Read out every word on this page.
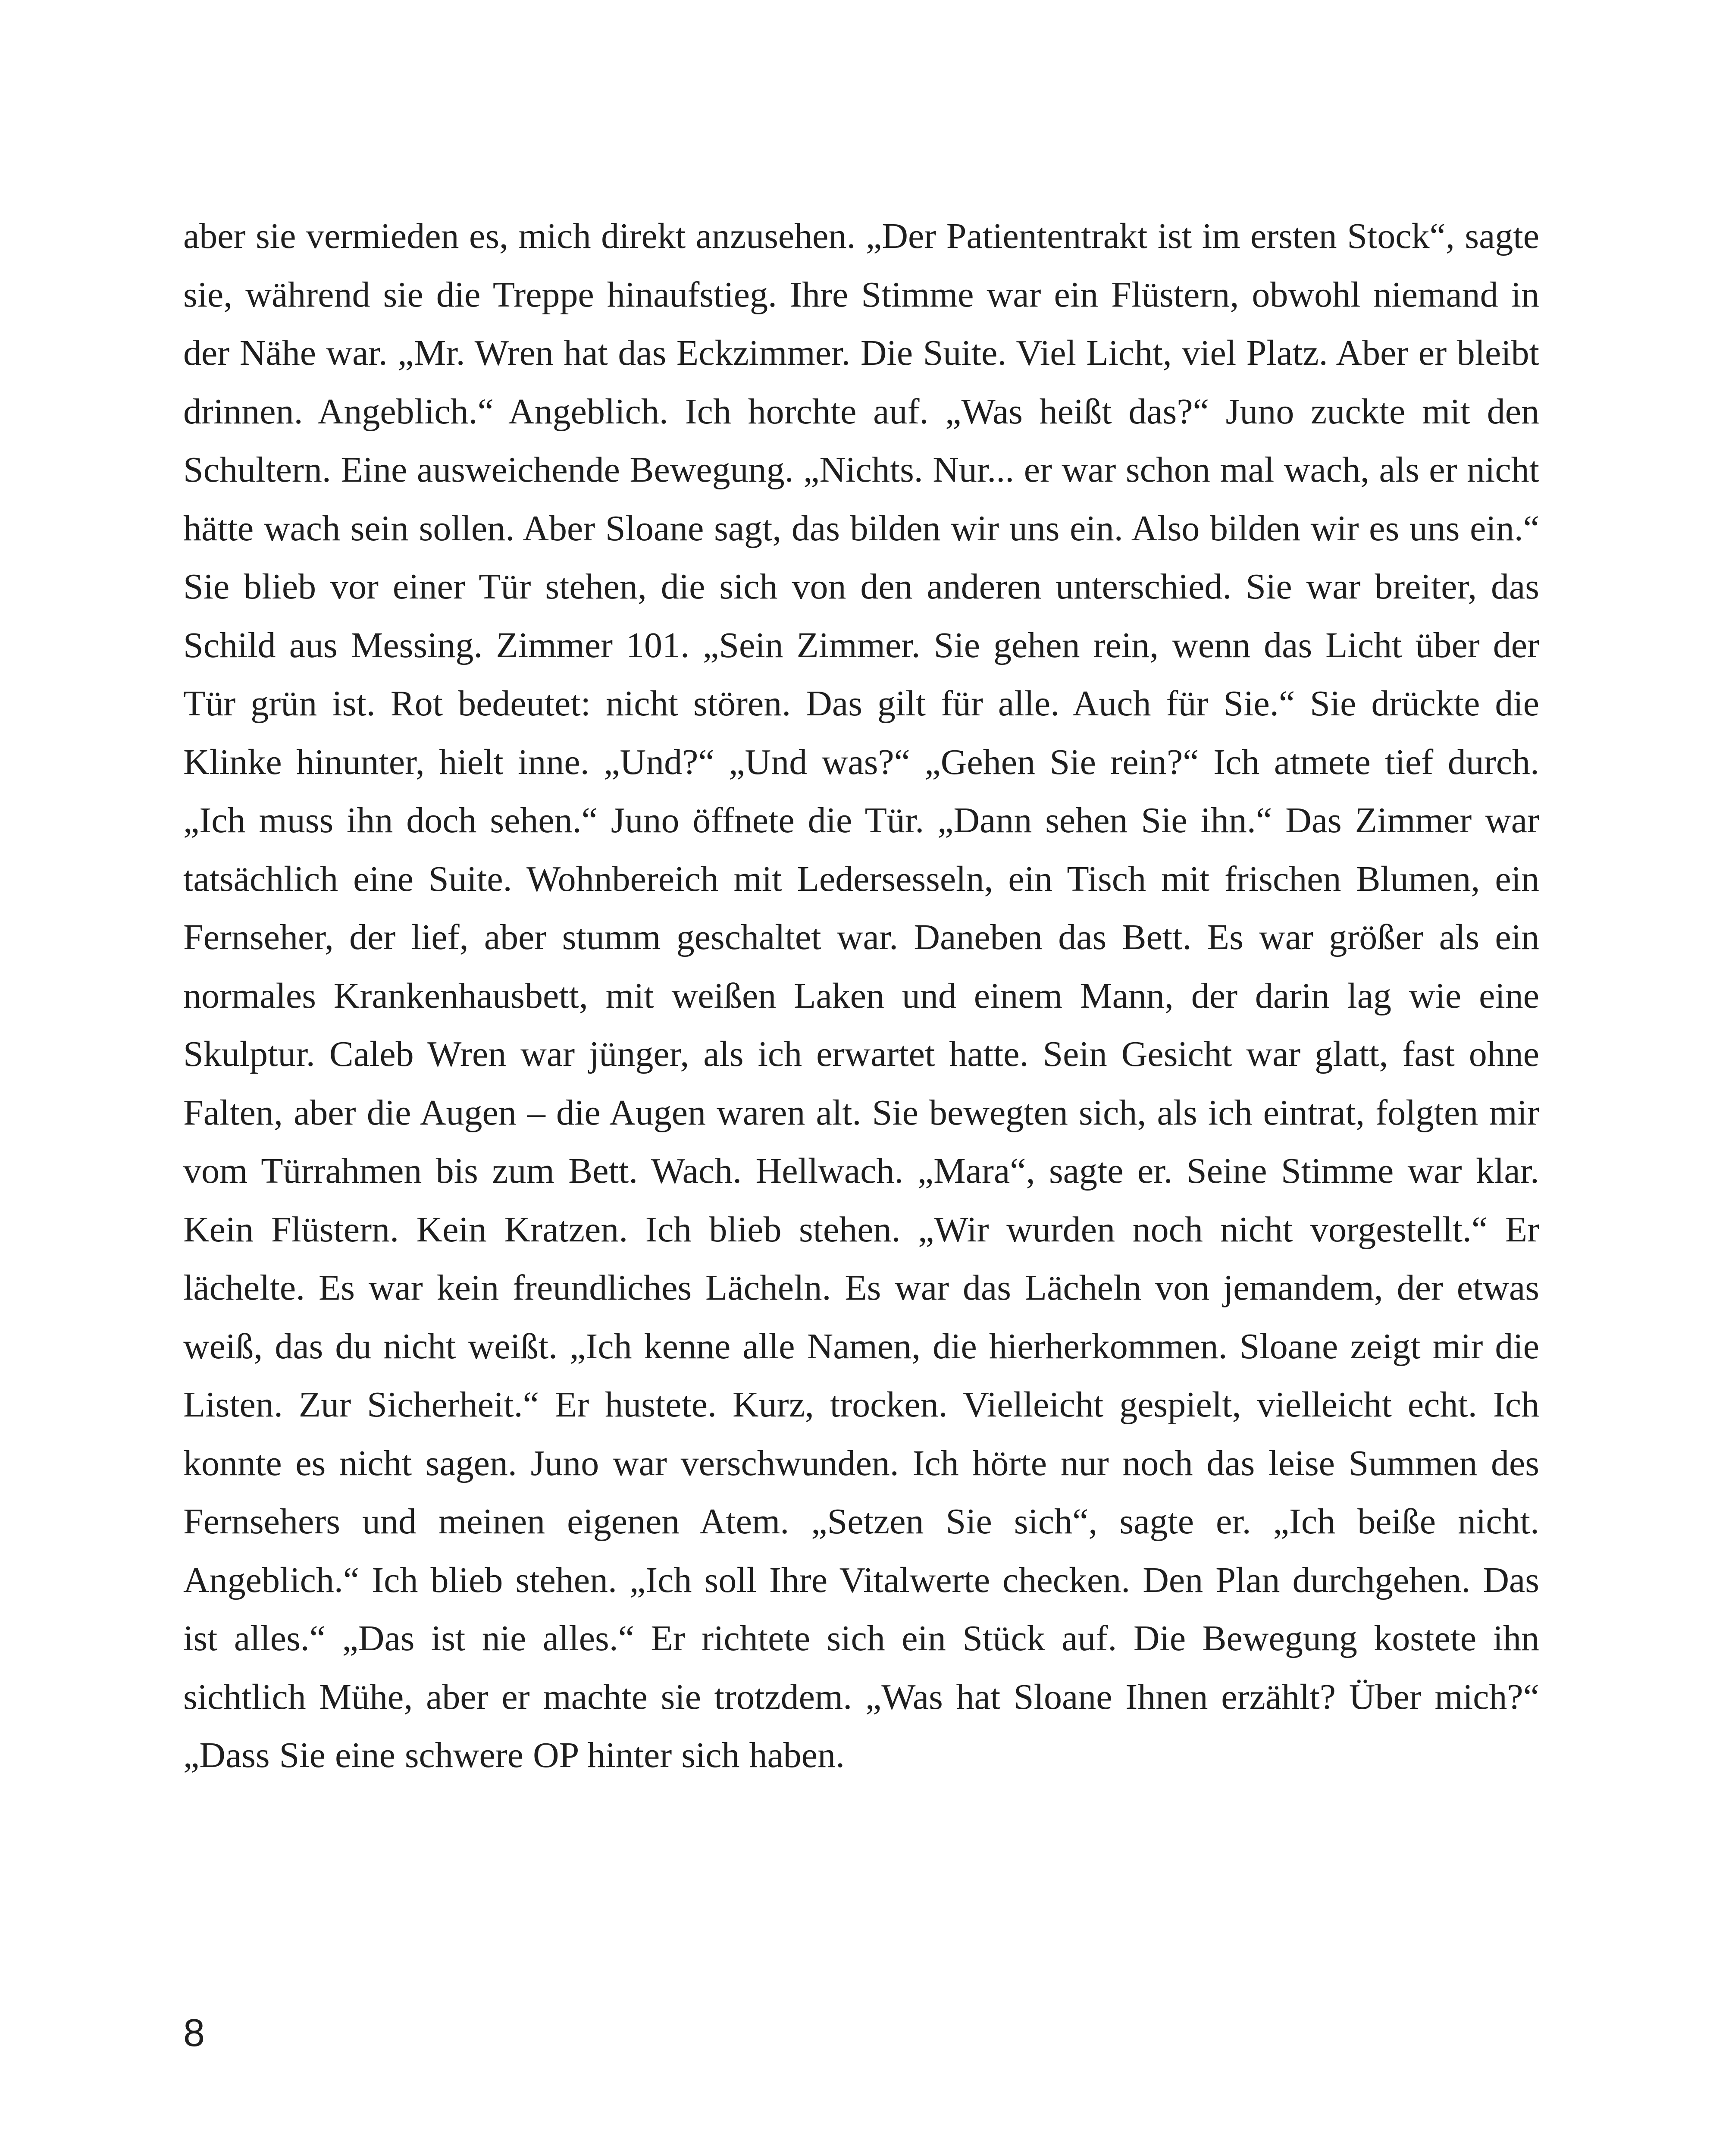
aber sie vermieden es, mich direkt anzusehen. „Der Patiententrakt ist im ersten Stock“, sagte sie, während sie die Treppe hinaufstieg. Ihre Stimme war ein Flüstern, obwohl niemand in der Nähe war. „Mr. Wren hat das Eckzimmer. Die Suite. Viel Licht, viel Platz. Aber er bleibt drinnen. Angeblich.“ Angeblich. Ich horchte auf. „Was heißt das?“ Juno zuckte mit den Schultern. Eine ausweichende Bewegung. „Nichts. Nur... er war schon mal wach, als er nicht hätte wach sein sollen. Aber Sloane sagt, das bilden wir uns ein. Also bilden wir es uns ein.“ Sie blieb vor einer Tür stehen, die sich von den anderen unterschied. Sie war breiter, das Schild aus Messing. Zimmer 101. „Sein Zimmer. Sie gehen rein, wenn das Licht über der Tür grün ist. Rot bedeutet: nicht stören. Das gilt für alle. Auch für Sie.“ Sie drückte die Klinke hinunter, hielt inne. „Und?“ „Und was?“ „Gehen Sie rein?“ Ich atmete tief durch. „Ich muss ihn doch sehen.“ Juno öffnete die Tür. „Dann sehen Sie ihn.“ Das Zimmer war tatsächlich eine Suite. Wohnbereich mit Ledersesseln, ein Tisch mit frischen Blumen, ein Fernseher, der lief, aber stumm geschaltet war. Daneben das Bett. Es war größer als ein normales Krankenhausbett, mit weißen Laken und einem Mann, der darin lag wie eine Skulptur. Caleb Wren war jünger, als ich erwartet hatte. Sein Gesicht war glatt, fast ohne Falten, aber die Augen – die Augen waren alt. Sie bewegten sich, als ich eintrat, folgten mir vom Türrahmen bis zum Bett. Wach. Hellwach. „Mara“, sagte er. Seine Stimme war klar. Kein Flüstern. Kein Kratzen. Ich blieb stehen. „Wir wurden noch nicht vorgestellt.“ Er lächelte. Es war kein freundliches Lächeln. Es war das Lächeln von jemandem, der etwas weiß, das du nicht weißt. „Ich kenne alle Namen, die hierherkommen. Sloane zeigt mir die Listen. Zur Sicherheit.“ Er hustete. Kurz, trocken. Vielleicht gespielt, vielleicht echt. Ich konnte es nicht sagen. Juno war verschwunden. Ich hörte nur noch das leise Summen des Fernsehers und meinen eigenen Atem. „Setzen Sie sich“, sagte er. „Ich beiße nicht. Angeblich.“ Ich blieb stehen. „Ich soll Ihre Vitalwerte checken. Den Plan durchgehen. Das ist alles.“ „Das ist nie alles.“ Er richtete sich ein Stück auf. Die Bewegung kostete ihn sichtlich Mühe, aber er machte sie trotzdem. „Was hat Sloane Ihnen erzählt? Über mich?“ „Dass Sie eine schwere OP hinter sich haben.

8
